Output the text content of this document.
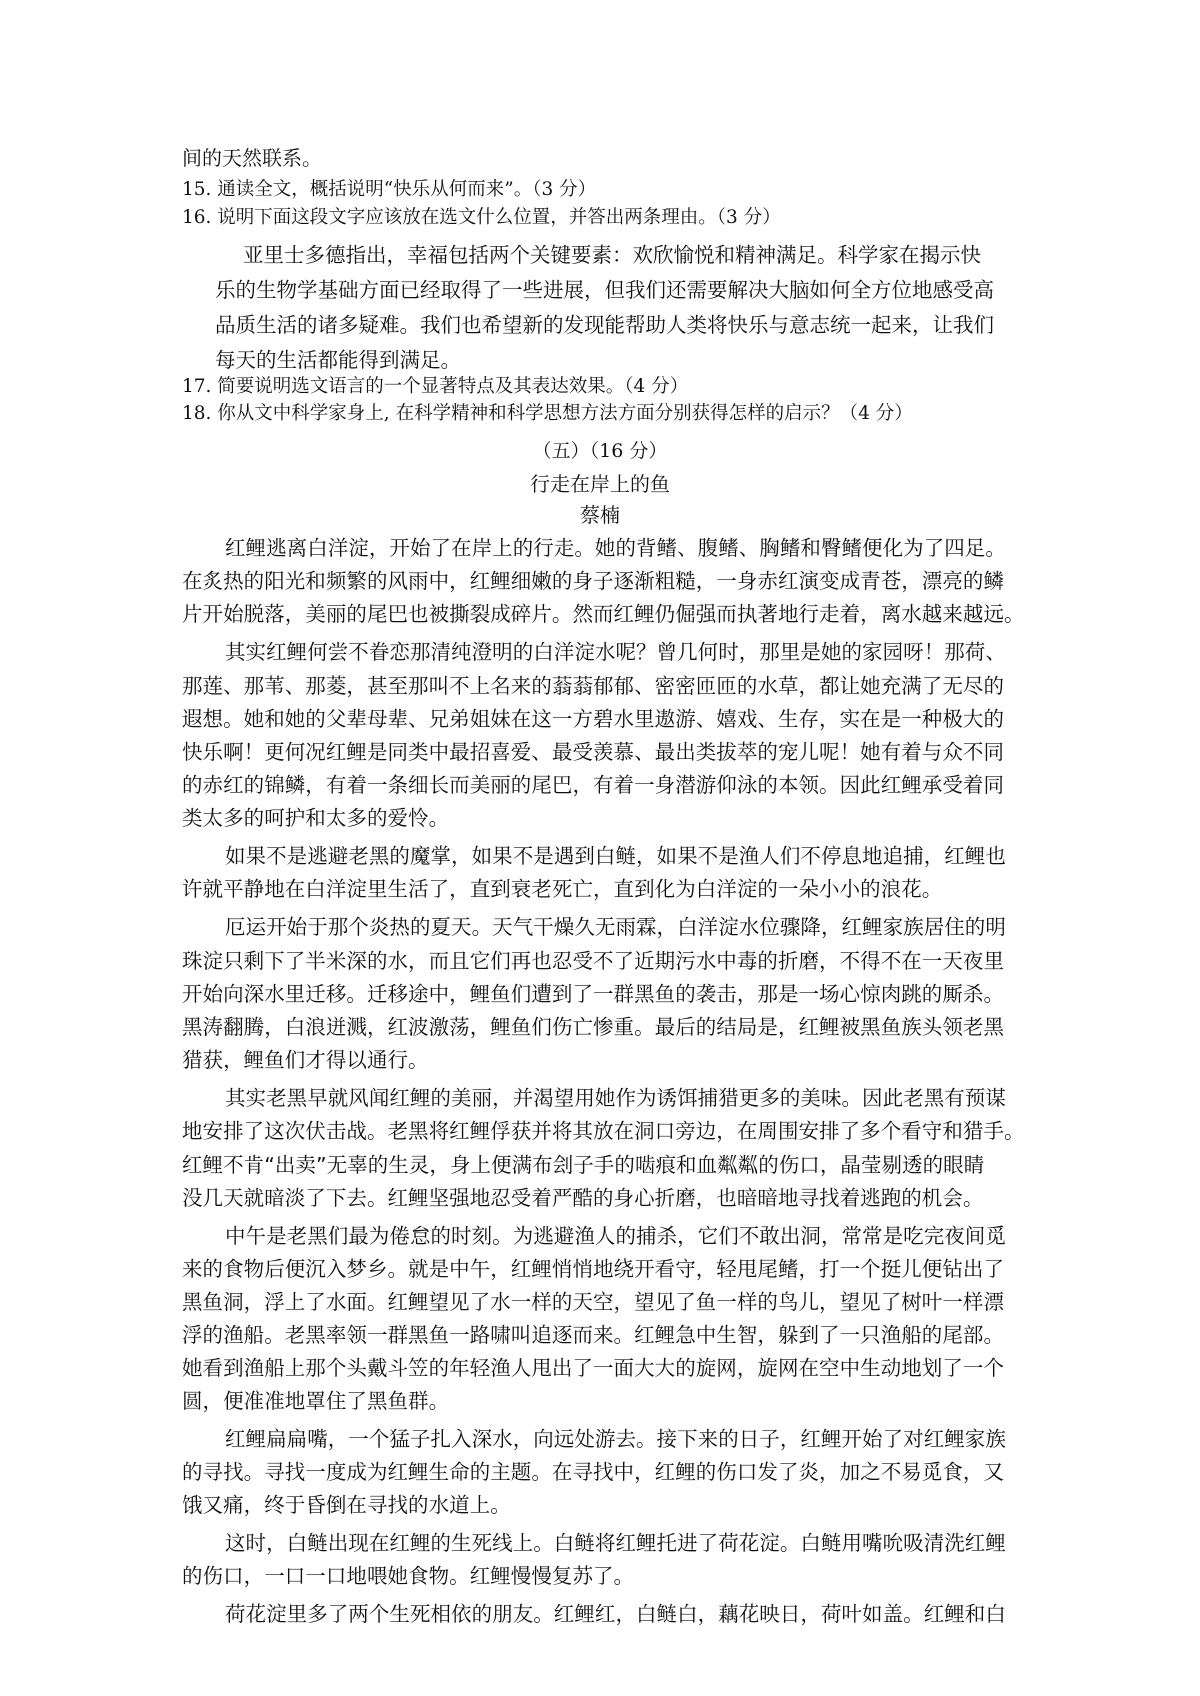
间的天然联系。
15. 通读全文，概括说明“快乐从何而来”。（3 分）
16. 说明下面这段文字应该放在选文什么位置，并答出两条理由。（3 分）
亚里士多德指出，幸福包括两个关键要素：欢欣愉悦和精神满足。科学家在揭示快
乐的生物学基础方面已经取得了一些进展，但我们还需要解决大脑如何全方位地感受高
品质生活的诸多疑难。我们也希望新的发现能帮助人类将快乐与意志统一起来，让我们
每天的生活都能得到满足。
17. 简要说明选文语言的一个显著特点及其表达效果。（4 分）
18. 你从文中科学家身上, 在科学精神和科学思想方法方面分别获得怎样的启示？（4 分）
（五）（16 分）
行走在岸上的鱼
蔡楠
红鲤逃离白洋淀，开始了在岸上的行走。她的背鳍、腹鳍、胸鳍和臀鳍便化为了四足。
在炙热的阳光和频繁的风雨中，红鲤细嫩的身子逐渐粗糙，一身赤红演变成青苍，漂亮的鳞
片开始脱落，美丽的尾巴也被撕裂成碎片。然而红鲤仍倔强而执著地行走着，离水越来越远。
其实红鲤何尝不眷恋那清纯澄明的白洋淀水呢？曾几何时，那里是她的家园呀！那荷、
那莲、那苇、那菱，甚至那叫不上名来的蓊蓊郁郁、密密匝匝的水草，都让她充满了无尽的
遐想。她和她的父辈母辈、兄弟姐妹在这一方碧水里遨游、嬉戏、生存，实在是一种极大的
快乐啊！更何况红鲤是同类中最招喜爱、最受羡慕、最出类拔萃的宠儿呢！她有着与众不同
的赤红的锦鳞，有着一条细长而美丽的尾巴，有着一身潜游仰泳的本领。因此红鲤承受着同
类太多的呵护和太多的爱怜。
如果不是逃避老黑的魔掌，如果不是遇到白鲢，如果不是渔人们不停息地追捕，红鲤也
许就平静地在白洋淀里生活了，直到衰老死亡，直到化为白洋淀的一朵小小的浪花。
厄运开始于那个炎热的夏天。天气干燥久无雨霖，白洋淀水位骤降，红鲤家族居住的明
珠淀只剩下了半米深的水，而且它们再也忍受不了近期污水中毒的折磨，不得不在一天夜里
开始向深水里迁移。迁移途中，鲤鱼们遭到了一群黑鱼的袭击，那是一场心惊肉跳的厮杀。
黑涛翻腾，白浪迸溅，红波激荡，鲤鱼们伤亡惨重。最后的结局是，红鲤被黑鱼族头领老黑
猎获，鲤鱼们才得以通行。
其实老黑早就风闻红鲤的美丽，并渴望用她作为诱饵捕猎更多的美味。因此老黑有预谋
地安排了这次伏击战。老黑将红鲤俘获并将其放在洞口旁边，在周围安排了多个看守和猎手。
红鲤不肯“出卖”无辜的生灵，身上便满布刽子手的啮痕和血粼粼的伤口，晶莹剔透的眼睛
没几天就暗淡了下去。红鲤坚强地忍受着严酷的身心折磨，也暗暗地寻找着逃跑的机会。
中午是老黑们最为倦怠的时刻。为逃避渔人的捕杀，它们不敢出洞，常常是吃完夜间觅
来的食物后便沉入梦乡。就是中午，红鲤悄悄地绕开看守，轻甩尾鳍，打一个挺儿便钻出了
黑鱼洞，浮上了水面。红鲤望见了水一样的天空，望见了鱼一样的鸟儿，望见了树叶一样漂
浮的渔船。老黑率领一群黑鱼一路啸叫追逐而来。红鲤急中生智，躲到了一只渔船的尾部。
她看到渔船上那个头戴斗笠的年轻渔人甩出了一面大大的旋网，旋网在空中生动地划了一个
圆，便准准地罩住了黑鱼群。
红鲤扁扁嘴，一个猛子扎入深水，向远处游去。接下来的日子，红鲤开始了对红鲤家族
的寻找。寻找一度成为红鲤生命的主题。在寻找中，红鲤的伤口发了炎，加之不易觅食，又
饿又痛，终于昏倒在寻找的水道上。
这时，白鲢出现在红鲤的生死线上。白鲢将红鲤托进了荷花淀。白鲢用嘴吮吸清洗红鲤
的伤口，一口一口地喂她食物。红鲤慢慢复苏了。
荷花淀里多了两个生死相依的朋友。红鲤红，白鲢白，藕花映日，荷叶如盖。红鲤和白
